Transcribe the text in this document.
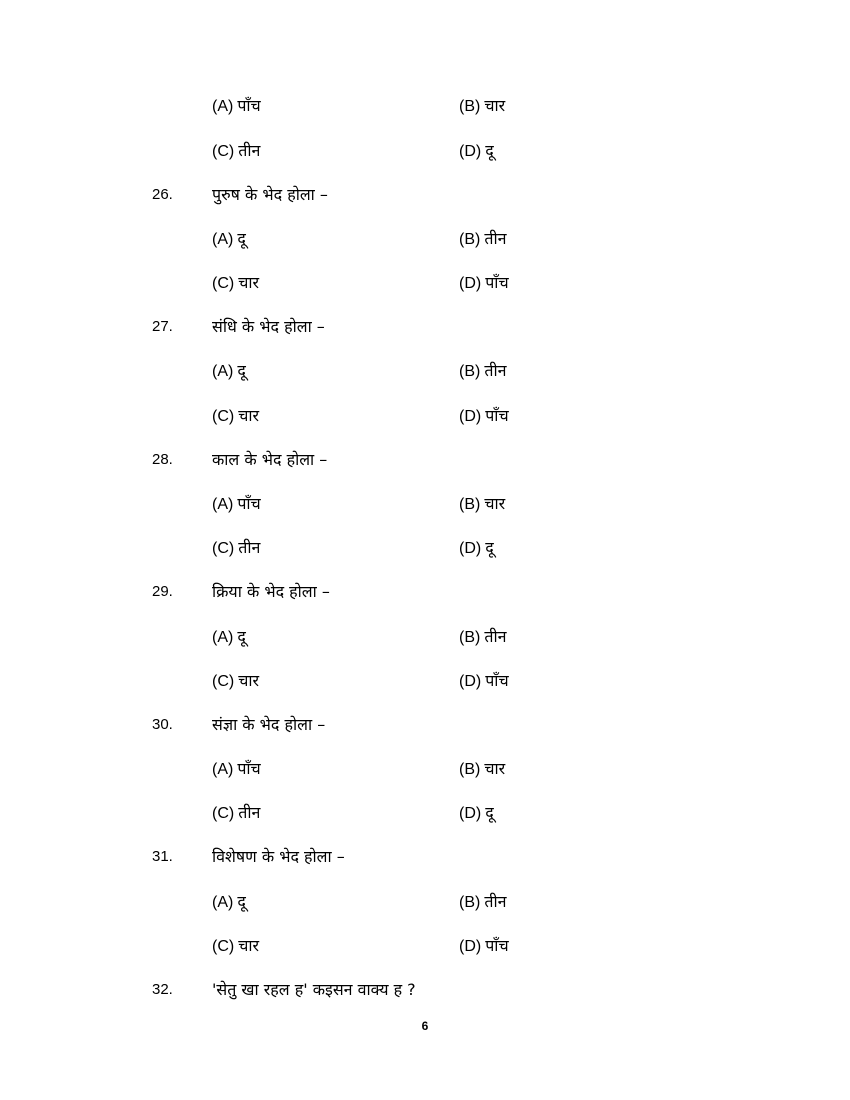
(A) पाँच	(B) चार
(C) तीन	(D) दू
26. पुरुष के भेद होला –
(A) दू	(B) तीन
(C) चार	(D) पाँच
27. संधि के भेद होला –
(A) दू	(B) तीन
(C) चार	(D) पाँच
28. काल के भेद होला –
(A) पाँच	(B) चार
(C) तीन	(D) दू
29. क्रिया के भेद होला –
(A) दू	(B) तीन
(C) चार	(D) पाँच
30. संज्ञा के भेद होला –
(A) पाँच	(B) चार
(C) तीन	(D) दू
31. विशेषण के भेद होला –
(A) दू	(B) तीन
(C) चार	(D) पाँच
32. 'सेतु खा रहल ह' कइसन वाक्य ह ?
6
